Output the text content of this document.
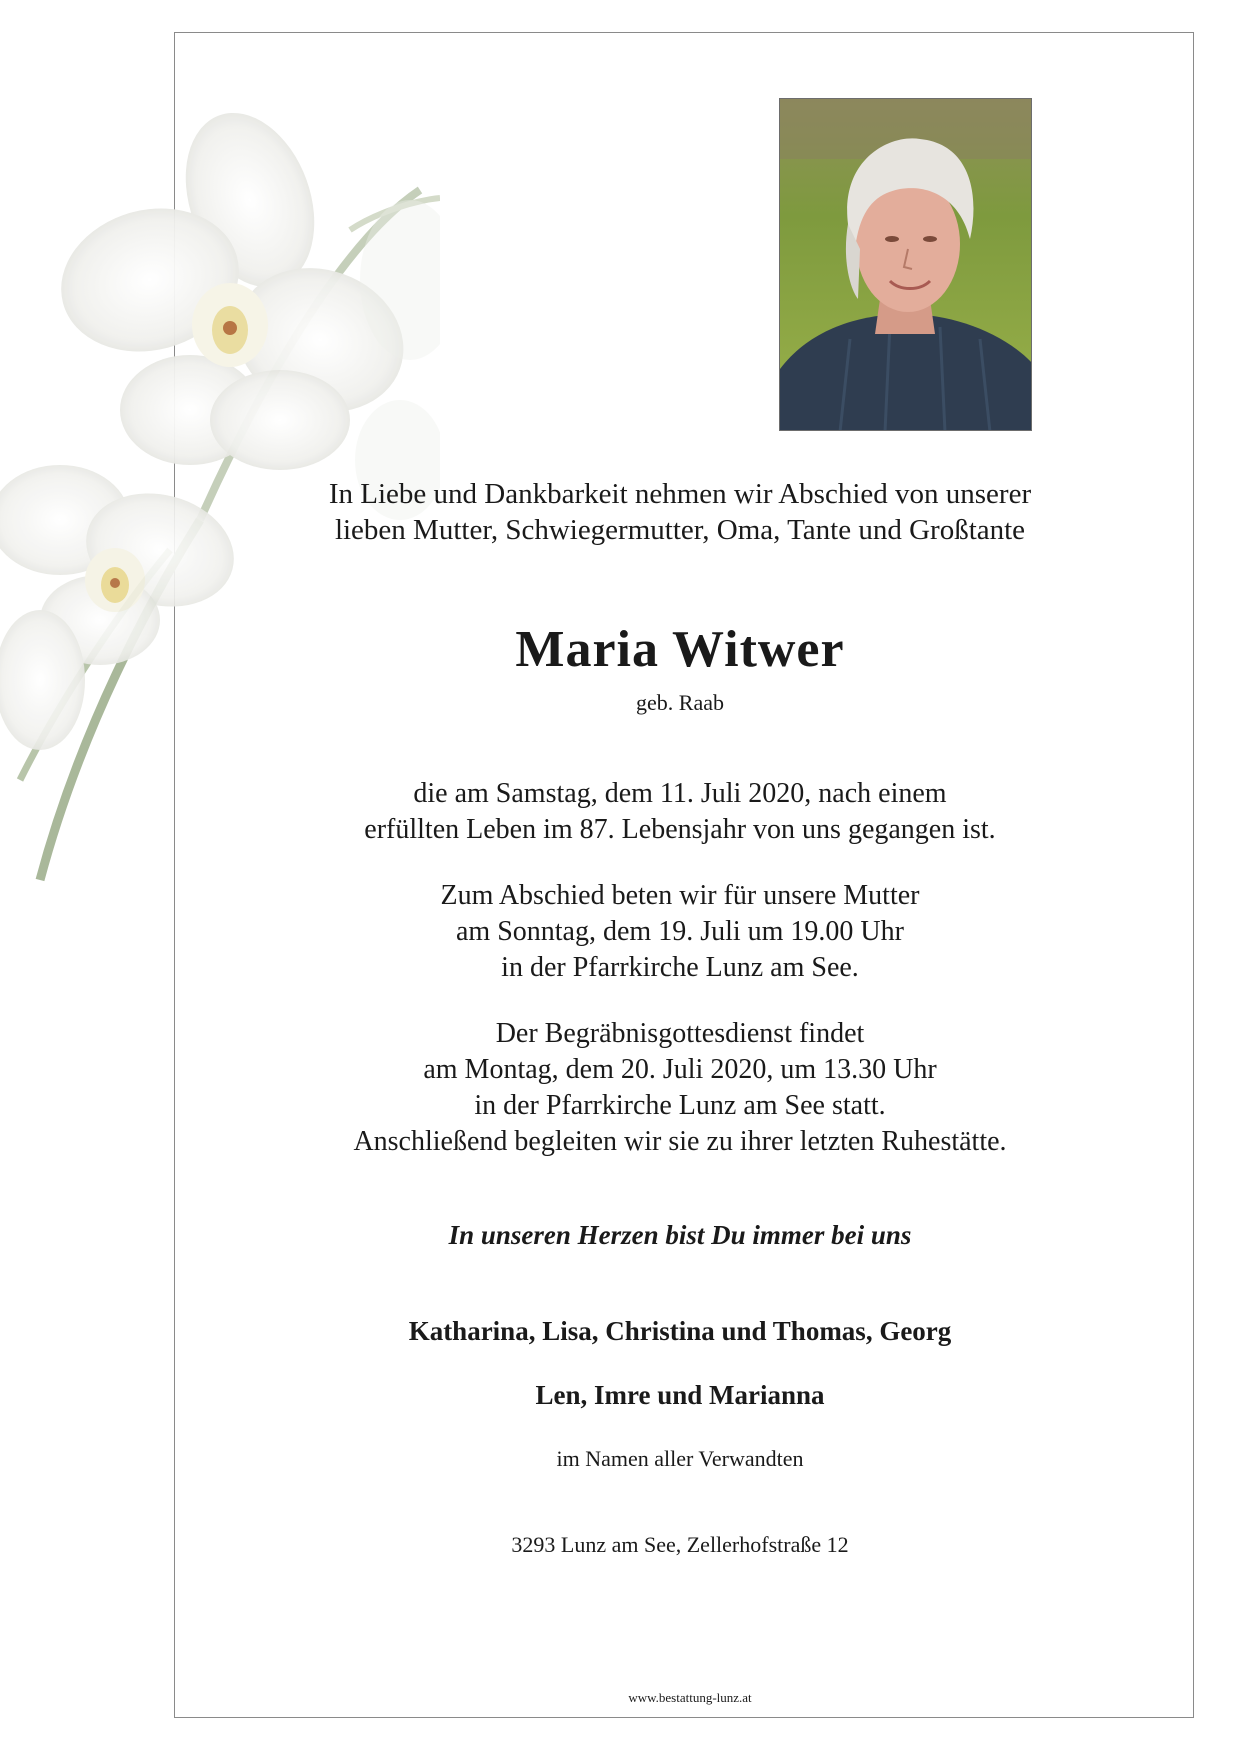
In Liebe und Dankbarkeit nehmen wir Abschied von unserer
lieben Mutter, Schwiegermutter, Oma, Tante und Großtante
Maria Witwer
geb. Raab
die am Samstag, dem 11. Juli 2020, nach einem
erfüllten Leben im 87. Lebensjahr von uns gegangen ist.
Zum Abschied beten wir für unsere Mutter
am Sonntag, dem 19. Juli um 19.00 Uhr
in der Pfarrkirche Lunz am See.
Der Begräbnisgottesdienst findet
am Montag, dem 20. Juli 2020, um 13.30 Uhr
in der Pfarrkirche Lunz am See statt.
Anschließend begleiten wir sie zu ihrer letzten Ruhestätte.
In unseren Herzen bist Du immer bei uns
Katharina, Lisa, Christina und Thomas, Georg
Len, Imre und Marianna
im Namen aller Verwandten
3293 Lunz am See, Zellerhofstraße 12
www.bestattung-lunz.at
